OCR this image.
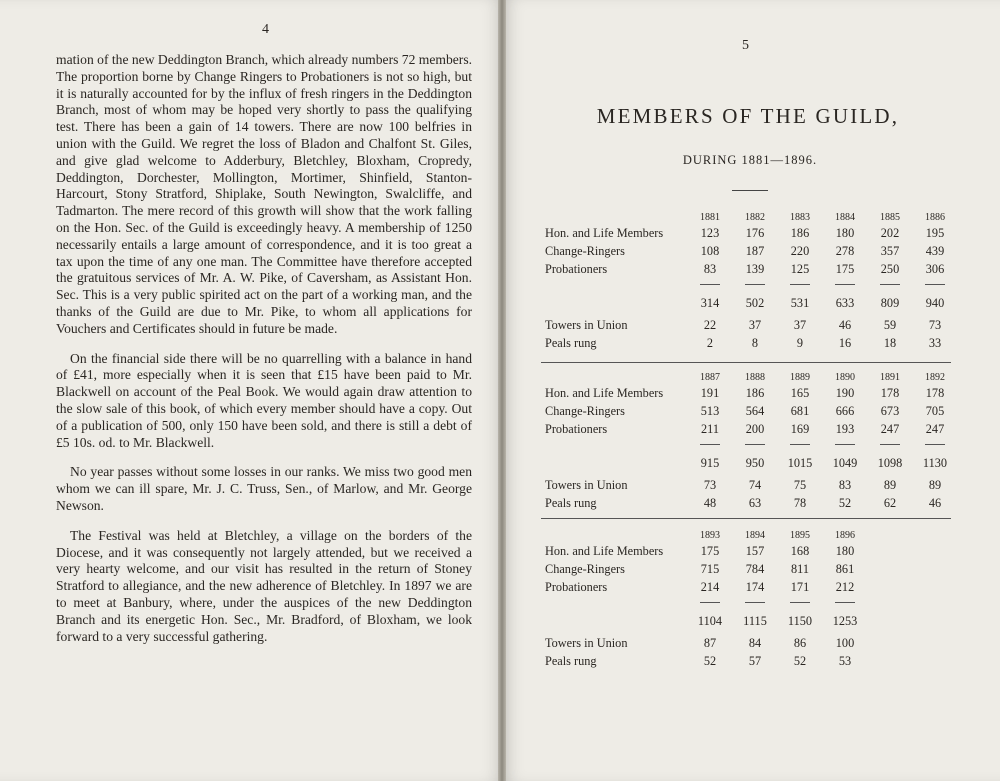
4

mation of the new Deddington Branch, which already numbers 72 members. The proportion borne by Change Ringers to Probationers is not so high, but it is naturally accounted for by the influx of fresh ringers in the Deddington Branch, most of whom may be hoped very shortly to pass the qualifying test. There has been a gain of 14 towers. There are now 100 belfries in union with the Guild. We regret the loss of Bladon and Chalfont St. Giles, and give glad welcome to Adderbury, Bletchley, Bloxham, Cropredy, Deddington, Dorchester, Mollington, Mortimer, Shinfield, Stanton-Harcourt, Stony Stratford, Shiplake, South Newington, Swalcliffe, and Tadmarton. The mere record of this growth will show that the work falling on the Hon. Sec. of the Guild is exceedingly heavy. A membership of 1250 necessarily entails a large amount of correspondence, and it is too great a tax upon the time of any one man. The Committee have therefore accepted the gratuitous services of Mr. A. W. Pike, of Caversham, as Assistant Hon. Sec. This is a very public spirited act on the part of a working man, and the thanks of the Guild are due to Mr. Pike, to whom all applications for Vouchers and Certificates should in future be made.

On the financial side there will be no quarrelling with a balance in hand of £41, more especially when it is seen that £15 have been paid to Mr. Blackwell on account of the Peal Book. We would again draw attention to the slow sale of this book, of which every member should have a copy. Out of a publication of 500, only 150 have been sold, and there is still a debt of £5 10s. od. to Mr. Blackwell.

No year passes without some losses in our ranks. We miss two good men whom we can ill spare, Mr. J. C. Truss, Sen., of Marlow, and Mr. George Newson.

The Festival was held at Bletchley, a village on the borders of the Diocese, and it was consequently not largely attended, but we received a very hearty welcome, and our visit has resulted in the return of Stoney Stratford to allegiance, and the new adherence of Bletchley. In 1897 we are to meet at Banbury, where, under the auspices of the new Deddington Branch and its energetic Hon. Sec., Mr. Bradford, of Bloxham, we look forward to a very successful gathering.

5
MEMBERS OF THE GUILD,
DURING 1881—1896.
1881	1882	1883	1884	1885	1886
Hon. and Life Members	123	176	186	180	202	195
Change-Ringers	108	187	220	278	357	439
Probationers	83	139	125	175	250	306
314	502	531	633	809	940
Towers in Union	22	37	37	46	59	73
Peals rung	2	8	9	16	18	33
1887	1888	1889	1890	1891	1892
Hon. and Life Members	191	186	165	190	178	178
Change-Ringers	513	564	681	666	673	705
Probationers	211	200	169	193	247	247
915	950	1015	1049	1098	1130
Towers in Union	73	74	75	83	89	89
Peals rung	48	63	78	52	62	46
1893	1894	1895	1896
Hon. and Life Members	175	157	168	180
Change-Ringers	715	784	811	861
Probationers	214	174	171	212
1104	1115	1150	1253
Towers in Union	87	84	86	100
Peals rung	52	57	52	53
